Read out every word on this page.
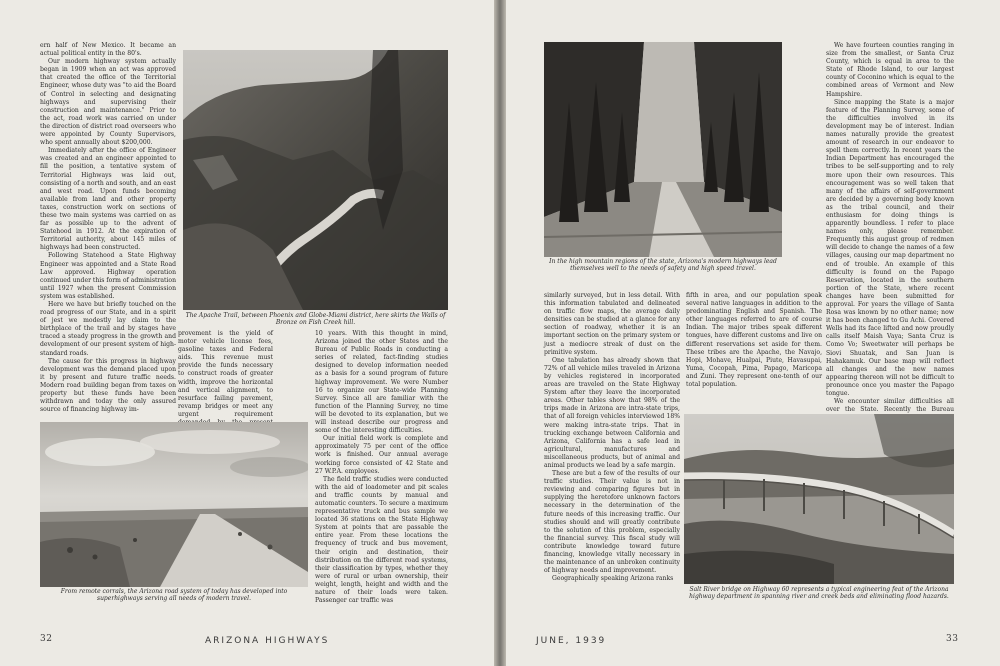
ern half of New Mexico. It became an actual political entity in the 80's.

Our modern highway system actually began in 1909 when an act was approved that created the office of the Territorial Engineer, whose duty was "to aid the Board of Control in selecting and designating highways and supervising their construction and maintenance." Prior to the act, road work was carried on under the direction of district road overseers who were appointed by County Supervisors, who spent annually about $200,000.

Immediately after the office of Engineer was created and an engineer appointed to fill the position, a tentative system of Territorial Highways was laid out, consisting of a north and south, and an east and west road. Upon funds becoming available from land and other property taxes, construction work on sections of these two main systems was carried on as far as possible up to the advent of Statehood in 1912. At the expiration of Territorial authority, about 145 miles of highways had been constructed.

Following Statehood a State Highway Engineer was appointed and a State Road Law approved. Highway operation continued under this form of administration until 1927 when the present Commission system was established.

Here we have but briefly touched on the road progress of our State, and in a spirit of jest we modestly lay claim to the birthplace of the trail and by stages have traced a steady progress in the growth and development of our present system of high-standard roads.

The cause for this progress in highway development was the demand placed upon it by present and future traffic needs. Modern road building began from taxes on property but these funds have been withdrawn and today the only assured source of financing highway im-

The Apache Trail, between Phoenix and Globe-Miami district, here skirts the Walls of Bronze on Fish Creek hill.

provement is the yield of motor vehicle license fees, gasoline taxes and Federal aids. This revenue must provide the funds necessary to construct roads of greater width, improve the horizontal and vertical alignment, to resurface failing pavement, revamp bridges or meet any urgent requirement

10 years. With this thought in mind, Arizona joined the other States and the Bureau of Public Roads in conducting a series of related, fact-finding studies designed to develop information needed as a basis for a sound program of future highway improvement. We were Number 16 to organize our State-wide Planning Survey. Since all are familiar with the function of the Planning Survey, no time will be devoted to its explanation, but we will instead describe our progress and some of the interesting difficulties.

Our initial field work is complete and approximately 75 per cent of the office work is finished. Our annual average working force consisted of 42 State and 27 W.P.A. employees.

The field traffic studies were conducted with the aid of loadometer and pit scales and traffic counts by manual and automatic counters. To secure a maximum representative truck and bus sample we located 36 stations on the State Highway System at points that are passable the entire year. From these locations the frequency of truck and bus movement, their origin and destination, their distribution on the different road systems, their classification by types, whether they were of rural or urban ownership, their weight, length, height and width and the nature of their loads were taken. Passenger car traffic was

From remote corrals, the Arizona road system of today has developed into superhighways serving all needs of modern travel.
32	ARIZONA HIGHWAYS
In the high mountain regions of the state, Arizona's modern highways lead themselves well to the needs of safety and high speed travel.

similarly surveyed, but in less detail. With this information tabulated and delineated on traffic flow maps, the average daily densities can be studied at a glance for any section of roadway, whether it is an important section on the primary system or just a mediocre streak of dust on the primitive system.

One tabulation has already shown that 72% of all vehicle miles traveled in Arizona by vehicles registered in incorporated areas are traveled on the State Highway System after they leave the incorporated areas. Other tables show that 98% of the trips made in Arizona are intra-state trips, that of all foreign vehicles interviewed 18% were making intra-state trips. That in trucking exchange between California and Arizona, California has a safe lead in agricultural, manufactures and miscellaneous products, but of animal and animal products we lead by a safe margin.

These are but a few of the results of our traffic studies. Their value is not in reviewing and comparing figures but in supplying the heretofore unknown factors necessary in the determination of the future needs of this increasing traffic. Our studies should and will greatly contribute to the solution of this problem, especially the financial survey. This fiscal study will contribute knowledge toward future financing, knowledge vitally necessary in the maintenance of an unbroken continuity of highway needs and improvement.

Geographically speaking Arizona ranks

fifth in area, and our population speak several native languages in addition to the predominating English and Spanish. The other languages referred to are of course Indian. The major tribes speak different tongues, have different customs and live on different reservations set aside for them. These tribes are the Apache, the Navajo, Hopi, Mohave, Hualpai, Piute, Havasupai, Yuma, Cocopah, Pima, Papago, Maricopa and Zuni. They represent one-tenth of our total population.

We have fourteen counties ranging in size from the smallest, or Santa Cruz County, which is equal in area to the State of Rhode Island, to our largest county of Coconino which is equal to the combined areas of Vermont and New Hampshire.

Since mapping the State is a major feature of the Planning Survey, some of the difficulties involved in its development may be of interest. Indian names naturally provide the greatest amount of research in our endeavor to spell them correctly. In recent years the Indian Department has encouraged the tribes to be self-supporting and to rely more upon their own resources. This encouragement was so well taken that many of the affairs of self-government are decided by a governing body known as the tribal council, and their enthusiasm for doing things is apparently boundless. I refer to place names only, please remember. Frequently this august group of redmen will decide to change the names of a few villages, causing our map department no end of trouble. An example of this difficulty is found on the Papago Reservation, located in the southern portion of the State, where recent changes have been submitted for approval. For years the village of Santa Rosa was known by no other name; now it has been changed to Gu Achi. Covered Wells had its face lifted and now proudly calls itself Maish Vaya; Santa Cruz is Como Vo; Sweetwater will perhaps be Siovi Shuatak, and San Juan is Hahakamuk. Our base map will reflect all changes and the new names appearing thereon will not be difficult to pronounce once you master the Papago tongue.

We encounter similar difficulties all over the State. Recently the Bureau

Salt River bridge on Highway 60 represents a typical engineering feat of the Arizona highway department in spanning river and creek beds and eliminating flood hazards.
JUNE, 1939	33
